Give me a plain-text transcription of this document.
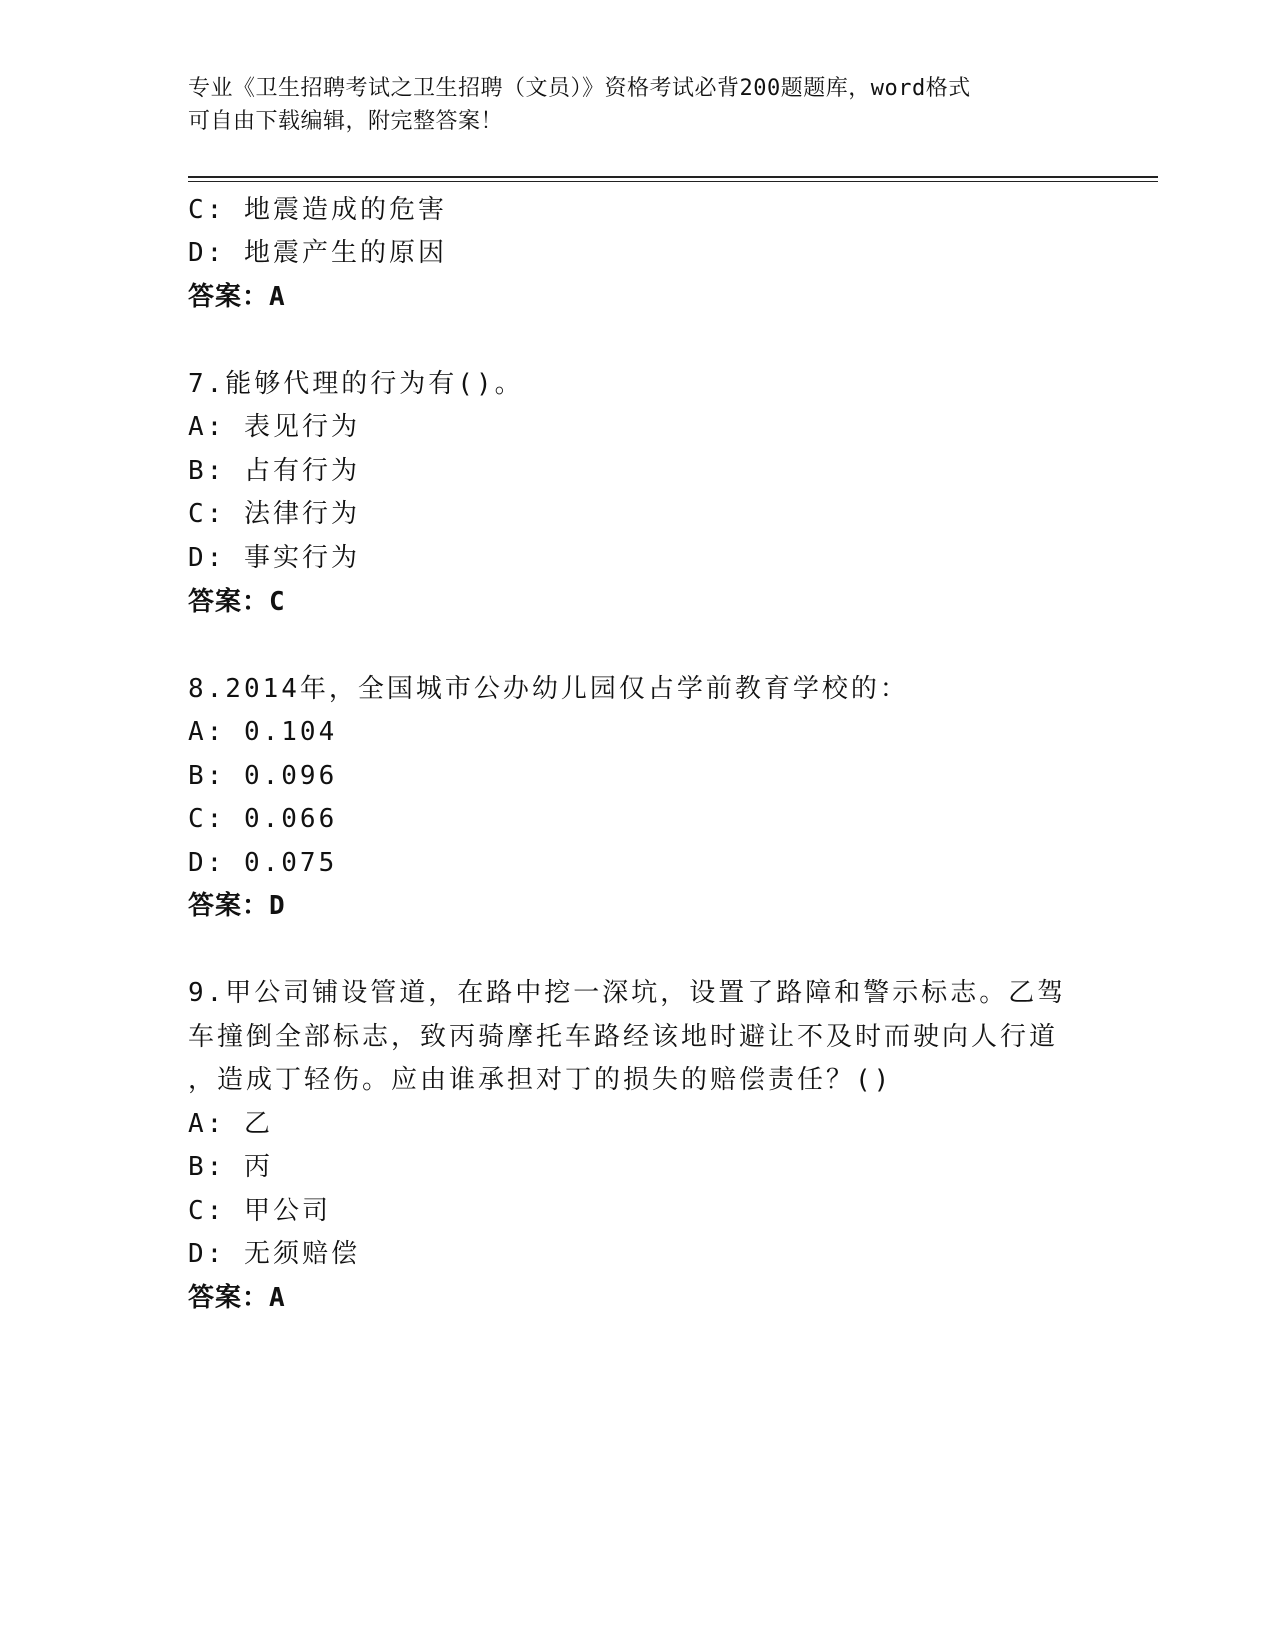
专业《卫生招聘考试之卫生招聘（文员）》资格考试必背200题题库，word格式
可自由下载编辑，附完整答案！
C: 地震造成的危害
D: 地震产生的原因
答案：A
7.能够代理的行为有()。
A: 表见行为
B: 占有行为
C: 法律行为
D: 事实行为
答案：C
8.2014年，全国城市公办幼儿园仅占学前教育学校的：
A: 0.104
B: 0.096
C: 0.066
D: 0.075
答案：D
9.甲公司铺设管道，在路中挖一深坑，设置了路障和警示标志。乙驾
车撞倒全部标志，致丙骑摩托车路经该地时避让不及时而驶向人行道
，造成丁轻伤。应由谁承担对丁的损失的赔偿责任？()
A: 乙
B: 丙
C: 甲公司
D: 无须赔偿
答案：A
